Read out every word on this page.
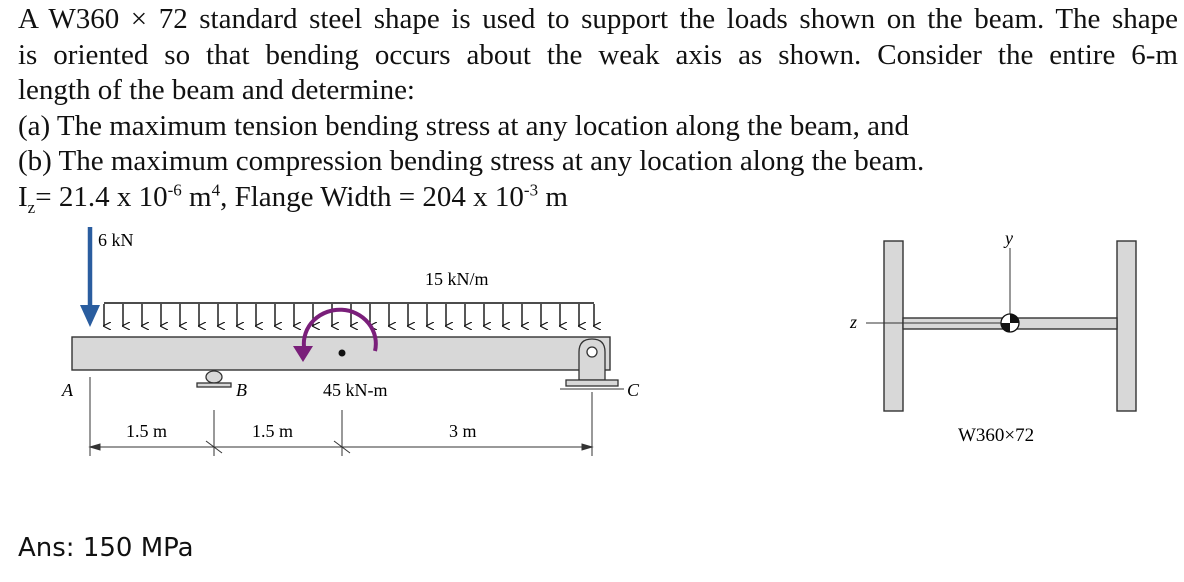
A W360 × 72 standard steel shape is used to support the loads shown on the beam. The shape

is oriented so that bending occurs about the weak axis as shown. Consider the entire 6-m

length of the beam and determine:

(a) The maximum tension bending stress at any location along the beam, and

(b) The maximum compression bending stress at any location along the beam.

$I_z= 21.4$ x $10^{-6}$ $m^4$, Flange Width = 204 x $10^{-3}$ m

6 kN
15 kN/m
45 kN-m
B	C
A
1.5 m	1.5 m	3 m
y
z
W360×72
Ans: 150 MPa
